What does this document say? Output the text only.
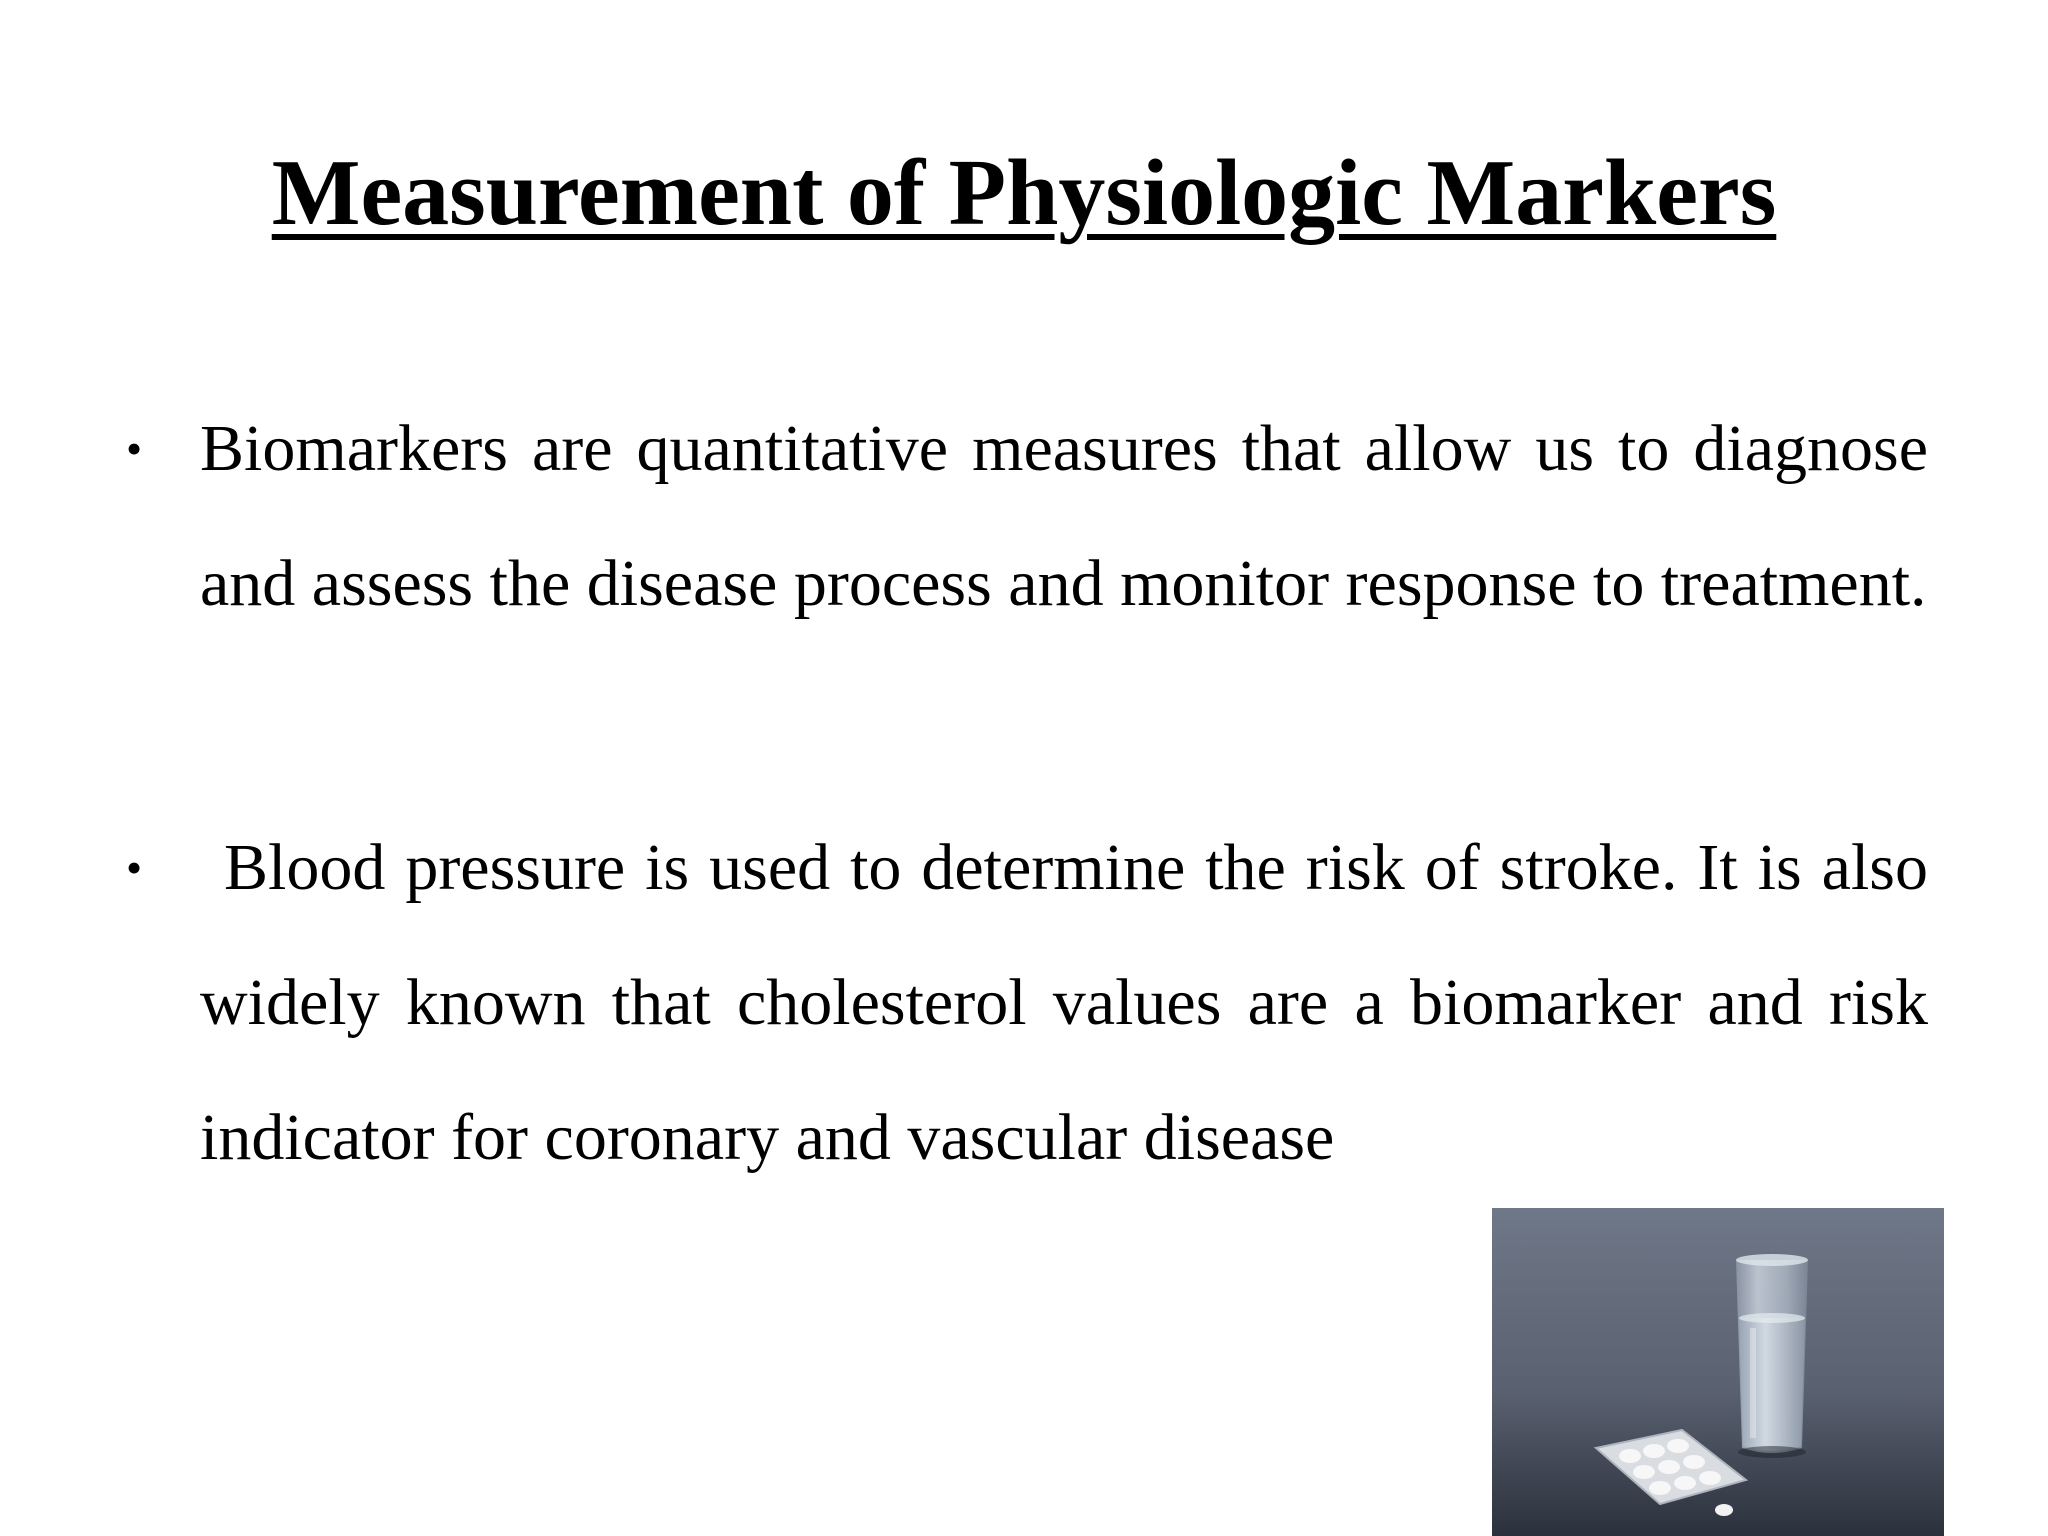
Measurement of Physiologic Markers
• Biomarkers are quantitative measures that allow us to diagnose and assess the disease process and monitor response to treatment.
• Blood pressure is used to determine the risk of stroke. It is also widely known that cholesterol values are a biomarker and risk indicator for coronary and vascular disease
